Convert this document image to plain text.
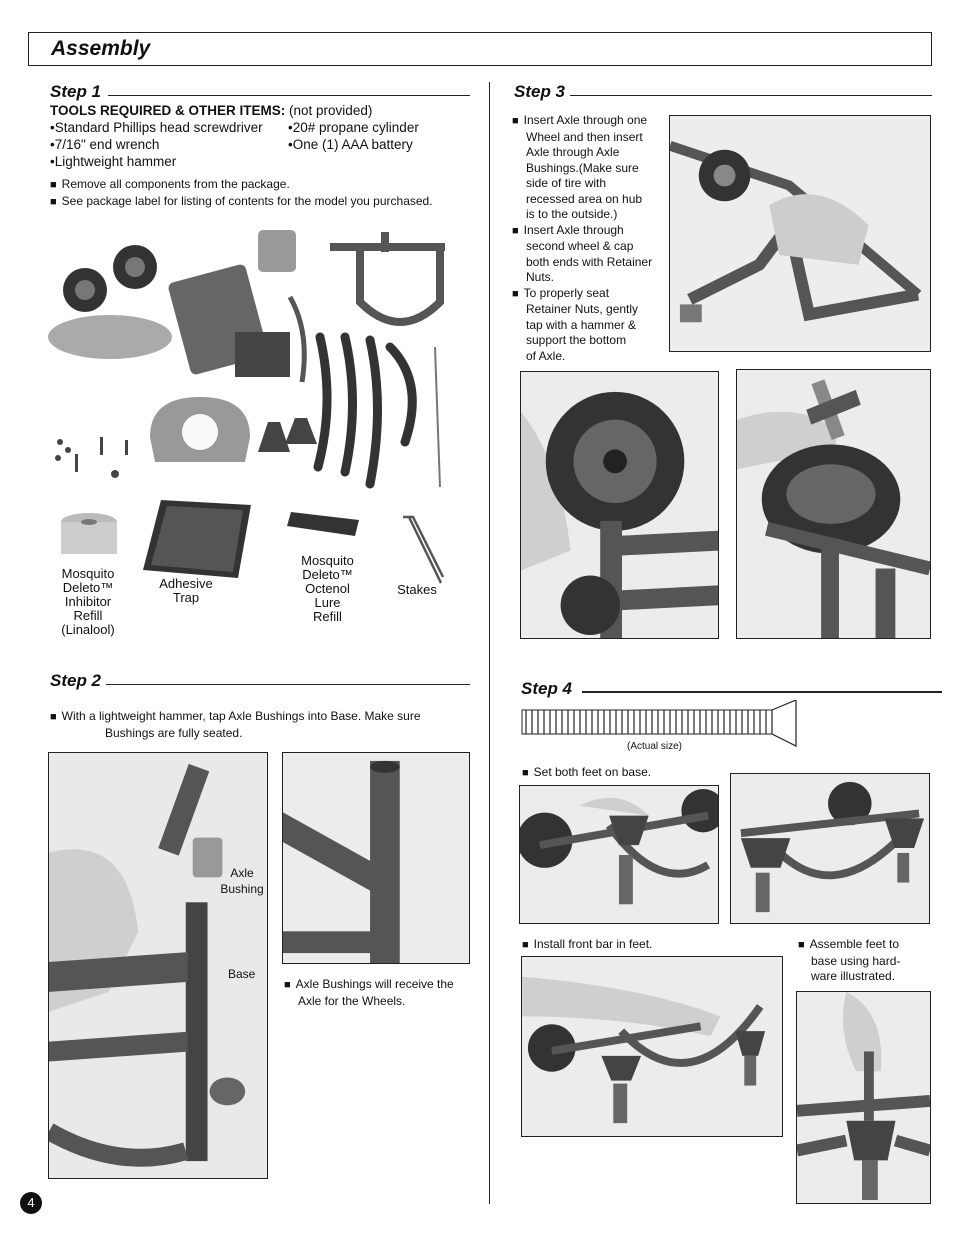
Assembly
Step 1
TOOLS REQUIRED & OTHER ITEMS: (not provided)
•Standard Phillips head screwdriver
•7/16" end wrench
•Lightweight hammer
•20# propane cylinder
•One (1) AAA battery
■ Remove all components from the package.
■ See package label for listing of contents for the model you purchased.
Mosquito
Deleto™
Inhibitor
Refill
(Linalool)
Adhesive
Trap
Mosquito
Deleto™
Octenol
Lure
Refill
Stakes
Step 2
■ With a lightweight hammer, tap Axle Bushings into Base. Make sure
Bushings are fully seated.
Axle
Bushing
Base
■ Axle Bushings will receive the
Axle for the Wheels.
Step 3
■ Insert Axle through one
Wheel and then insert
Axle through Axle
Bushings.(Make sure
side of tire with
recessed area on hub
is to the outside.)
■ Insert Axle through
second wheel & cap
both ends with Retainer
Nuts.
■ To properly seat
Retainer Nuts, gently
tap with a hammer &
support the bottom
of Axle.
Step 4
(Actual size)
■ Set both feet on base.
■ Install front bar in feet.
■	Assemble feet to
base using hard-
ware illustrated.
4
